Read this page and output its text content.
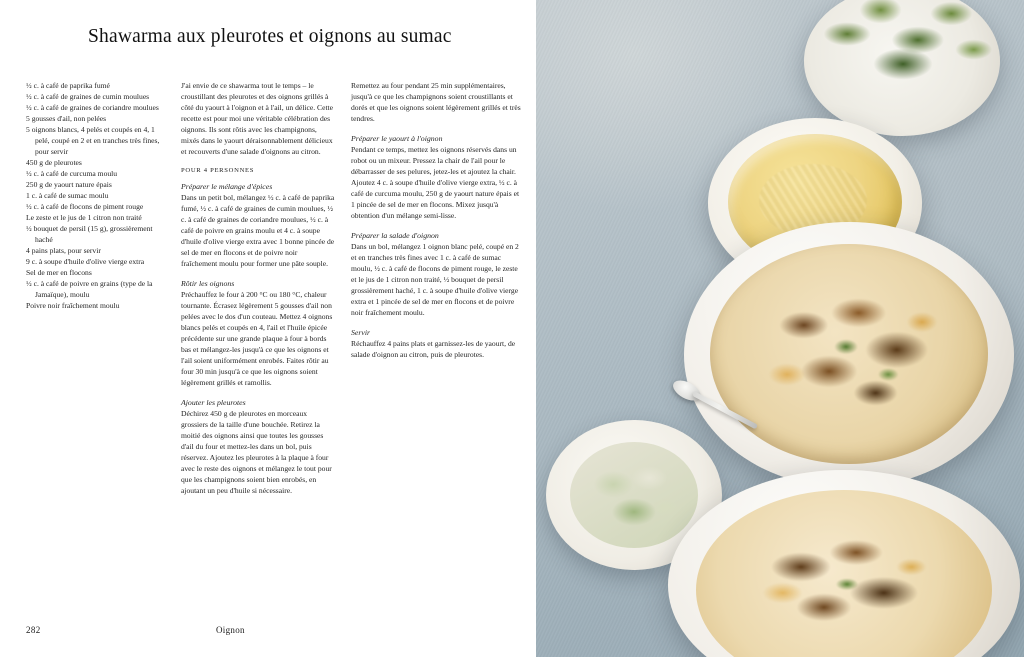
Shawarma aux pleurotes et oignons au sumac
½ c. à café de paprika fumé
½ c. à café de graines de cumin moulues
½ c. à café de graines de coriandre moulues
5 gousses d'ail, non pelées
5 oignons blancs, 4 pelés et coupés en 4, 1 pelé, coupé en 2 et en tranches très fines, pour servir
450 g de pleurotes
½ c. à café de curcuma moulu
250 g de yaourt nature épais
1 c. à café de sumac moulu
½ c. à café de flocons de piment rouge
Le zeste et le jus de 1 citron non traité
½ bouquet de persil (15 g), grossièrement haché
4 pains plats, pour servir
9 c. à soupe d'huile d'olive vierge extra
Sel de mer en flocons
½ c. à café de poivre en grains (type de la Jamaïque), moulu
Poivre noir fraîchement moulu

J'ai envie de ce shawarma tout le temps – le croustillant des pleurotes et des oignons grillés à côté du yaourt à l'oignon et à l'ail, un délice. Cette recette est pour moi une véritable célébration des oignons. Ils sont rôtis avec les champignons, mixés dans le yaourt déraisonnablement délicieux et recouverts d'une salade d'oignons au citron.

POUR 4 PERSONNES
Préparer le mélange d'épices

Dans un petit bol, mélangez ½ c. à café de paprika fumé, ½ c. à café de graines de cumin moulues, ½ c. à café de graines de coriandre moulues, ½ c. à café de poivre en grains moulu et 4 c. à soupe d'huile d'olive vierge extra avec 1 bonne pincée de sel de mer en flocons et de poivre noir fraîchement moulu pour former une pâte souple.

Rôtir les oignons

Préchauffez le four à 200 °C ou 180 °C, chaleur tournante. Écrasez légèrement 5 gousses d'ail non pelées avec le dos d'un couteau. Mettez 4 oignons blancs pelés et coupés en 4, l'ail et l'huile épicée précédente sur une grande plaque à four à bords bas et mélangez-les jusqu'à ce que les oignons et l'ail soient uniformément enrobés. Faites rôtir au four 30 min jusqu'à ce que les oignons soient légèrement grillés et ramollis.

Ajouter les pleurotes

Déchirez 450 g de pleurotes en morceaux grossiers de la taille d'une bouchée. Retirez la moitié des oignons ainsi que toutes les gousses d'ail du four et mettez-les dans un bol, puis réservez. Ajoutez les pleurotes à la plaque à four avec le reste des oignons et mélangez le tout pour que les champignons soient bien enrobés, en ajoutant un peu d'huile si nécessaire.

Remettez au four pendant 25 min supplémentaires, jusqu'à ce que les champignons soient croustillants et dorés et que les oignons soient légèrement grillés et très tendres.

Préparer le yaourt à l'oignon

Pendant ce temps, mettez les oignons réservés dans un robot ou un mixeur. Pressez la chair de l'ail pour le débarrasser de ses pelures, jetez-les et ajoutez la chair. Ajoutez 4 c. à soupe d'huile d'olive vierge extra, ½ c. à café de curcuma moulu, 250 g de yaourt nature épais et 1 pincée de sel de mer en flocons. Mixez jusqu'à obtention d'un mélange semi-lisse.

Préparer la salade d'oignon

Dans un bol, mélangez 1 oignon blanc pelé, coupé en 2 et en tranches très fines avec 1 c. à café de sumac moulu, ½ c. à café de flocons de piment rouge, le zeste et le jus de 1 citron non traité, ½ bouquet de persil grossièrement haché, 1 c. à soupe d'huile d'olive vierge extra et 1 pincée de sel de mer en flocons et de poivre noir fraîchement moulu.

Servir

Réchauffez 4 pains plats et garnissez-les de yaourt, de salade d'oignon au citron, puis de pleurotes.

282	Oignon
